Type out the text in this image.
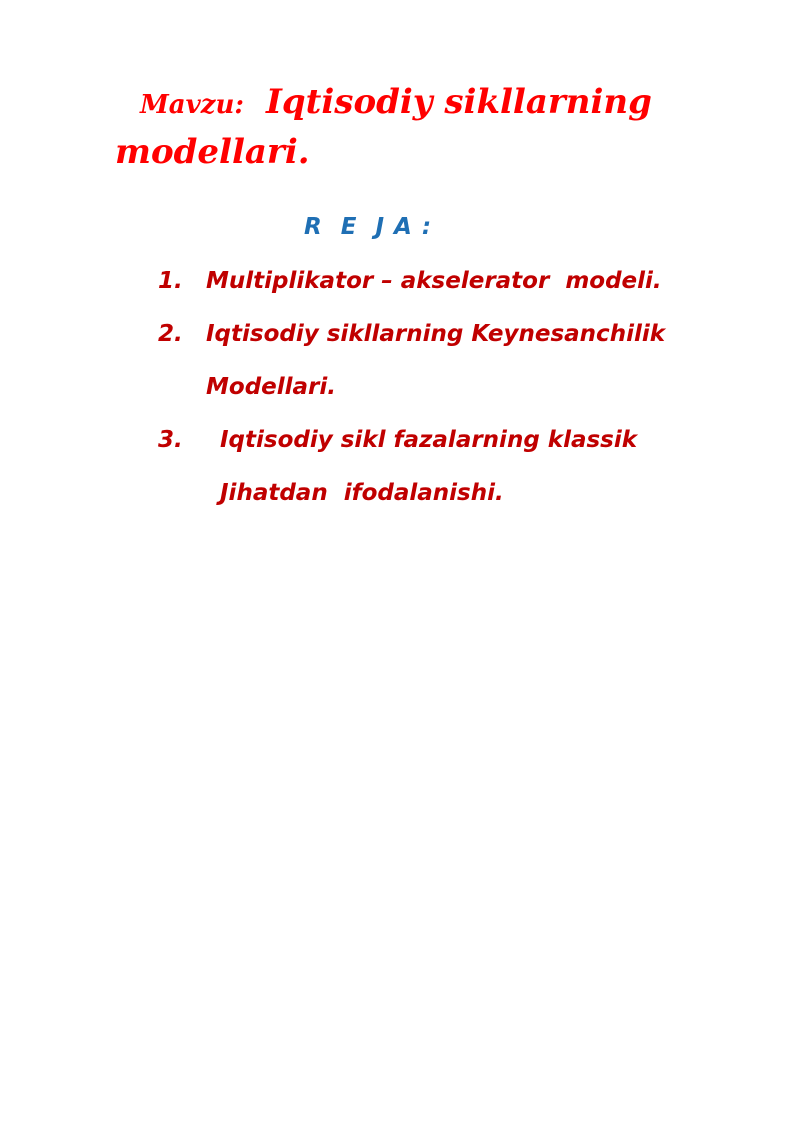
Mavzu: Iqtisodiy sikllarning
modellari.
R  E  J A :
1. Multiplikator – akselerator  modeli.
2. Iqtisodiy sikllarning Keynesanchilik
Modellari.
3. Iqtisodiy sikl fazalarning klassik
Jihatdan  ifodalanishi.
